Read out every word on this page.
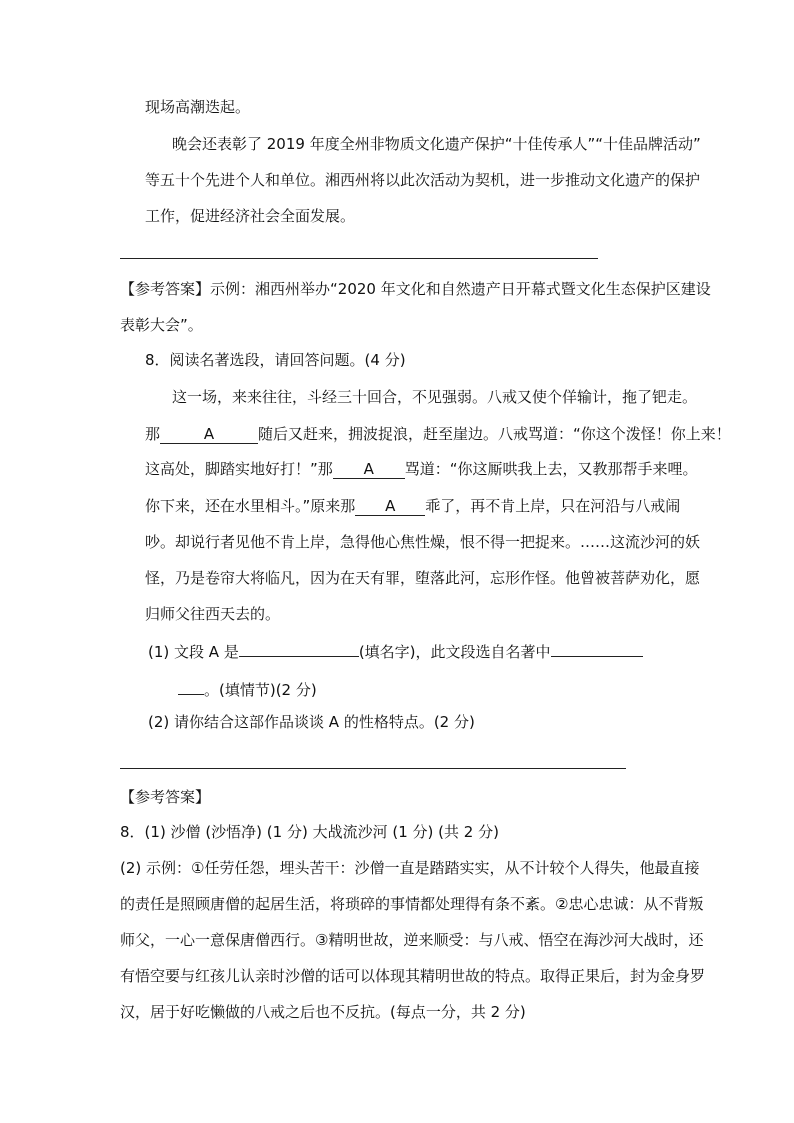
现场高潮迭起。
晚会还表彰了 2019 年度全州非物质文化遗产保护“十佳传承人”“十佳品牌活动”
等五十个先进个人和单位。湘西州将以此次活动为契机，进一步推动文化遗产的保护
工作，促进经济社会全面发展。
【参考答案】示例：湘西州举办“2020 年文化和自然遗产日开幕式暨文化生态保护区建设
表彰大会”。
8．阅读名著选段，请回答问题。(4 分)
这一场，来来往往，斗经三十回合，不见强弱。八戒又使个佯输计，拖了钯走。
那	A	随后又赶来，拥波捉浪，赶至崖边。八戒骂道：“你这个泼怪！你上来！
这高处，脚踏实地好打！”那 A 骂道：“你这厮哄我上去，又教那帮手来哩。
你下来，还在水里相斗。”原来那 A 乖了，再不肯上岸，只在河沿与八戒闹
吵。却说行者见他不肯上岸，急得他心焦性燥，恨不得一把捉来。……这流沙河的妖
怪，乃是卷帘大将临凡，因为在天有罪，堕落此河，忘形作怪。他曾被菩萨劝化，愿
归师父往西天去的。
(1) 文段 A 是	(填名字)，此文段选自名著中
。(填情节)(2 分)
(2) 请你结合这部作品谈谈 A 的性格特点。(2 分)
【参考答案】
8．(1) 沙僧 (沙悟净) (1 分) 大战流沙河 (1 分) (共 2 分)
(2) 示例：①任劳任怨，埋头苦干：沙僧一直是踏踏实实，从不计较个人得失，他最直接
的责任是照顾唐僧的起居生活，将琐碎的事情都处理得有条不紊。②忠心忠诚：从不背叛
师父，一心一意保唐僧西行。③精明世故，逆来顺受：与八戒、悟空在海沙河大战时，还
有悟空要与红孩儿认亲时沙僧的话可以体现其精明世故的特点。取得正果后，封为金身罗
汉，居于好吃懒做的八戒之后也不反抗。(每点一分，共 2 分)
